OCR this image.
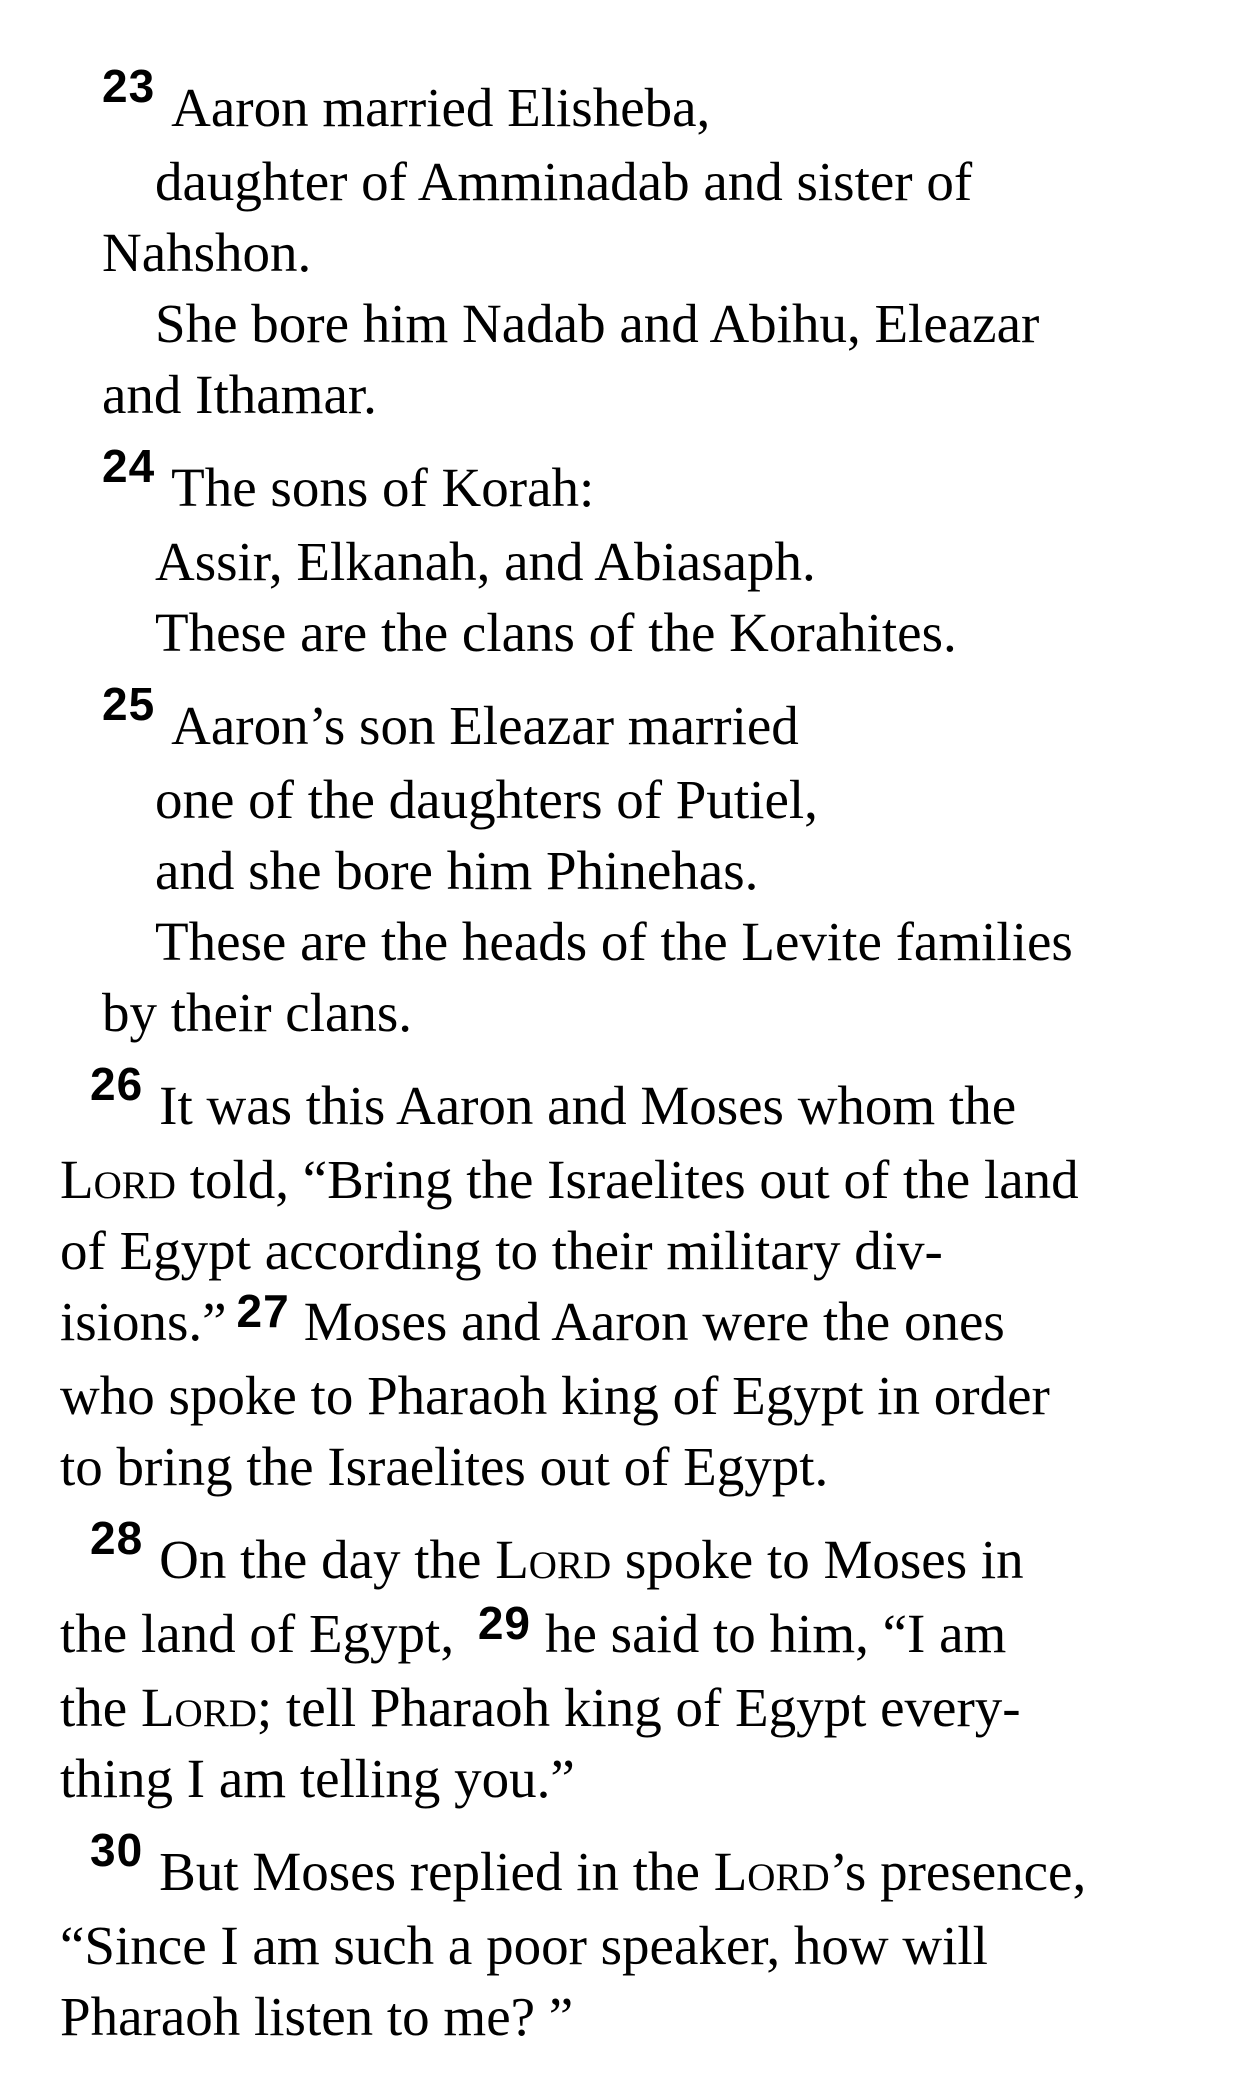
$^{23}$ Aaron married Elisheba,
daughter of Amminadab and sister of
Nahshon.
She bore him Nadab and Abihu, Eleazar
and Ithamar.
$^{24}$ The sons of Korah:
Assir, Elkanah, and Abiasaph.
These are the clans of the Korahites.
$^{25}$ Aaron’s son Eleazar married
one of the daughters of Putiel,
and she bore him Phinehas.
These are the heads of the Levite families
by their clans.
$^{26}$ It was this Aaron and Moses whom the
Lord told, “Bring the Israelites out of the land
of Egypt according to their military div-
isions.” $^{27}$ Moses and Aaron were the ones
who spoke to Pharaoh king of Egypt in order
to bring the Israelites out of Egypt.
$^{28}$ On the day the Lord spoke to Moses in
the land of Egypt, $^{29}$ he said to him, “I am
the Lord; tell Pharaoh king of Egypt every-
thing I am telling you.”
$^{30}$ But Moses replied in the Lord’s presence,
“Since I am such a poor speaker, how will
Pharaoh listen to me? ”
